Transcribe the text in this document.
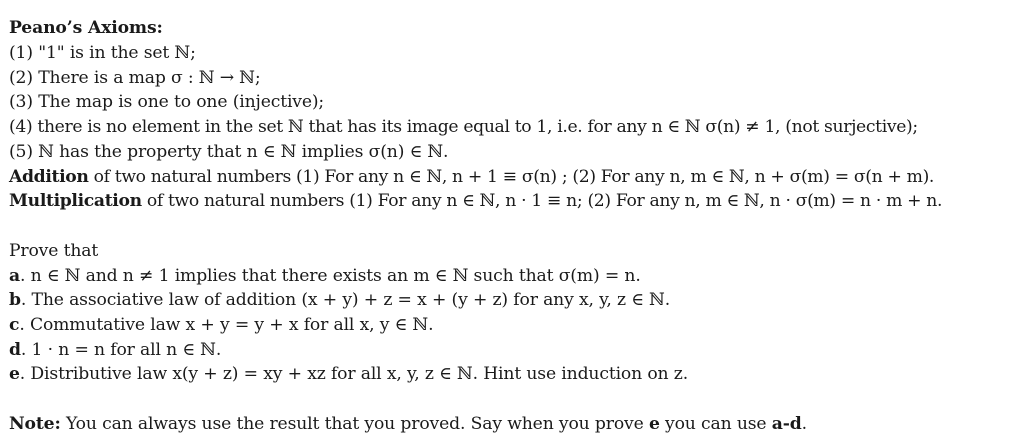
Peano’s Axioms:
(1) "1" is in the set ℕ;
(2) There is a map σ : ℕ → ℕ;
(3) The map is one to one (injective);
(4) there is no element in the set ℕ that has its image equal to 1, i.e. for any n ∈ ℕ σ(n) ≠ 1, (not surjective);
(5) ℕ has the property that n ∈ ℕ implies σ(n) ∈ ℕ.
Addition of two natural numbers (1) For any n ∈ ℕ, n + 1 ≡ σ(n) ; (2) For any n, m ∈ ℕ, n + σ(m) = σ(n + m).
Multiplication of two natural numbers (1) For any n ∈ ℕ, n · 1 ≡ n; (2) For any n, m ∈ ℕ, n · σ(m) = n · m + n.
Prove that
a. n ∈ ℕ and n ≠ 1 implies that there exists an m ∈ ℕ such that σ(m) = n.
b. The associative law of addition (x + y) + z = x + (y + z) for any x, y, z ∈ ℕ.
c. Commutative law x + y = y + x for all x, y ∈ ℕ.
d. 1 · n = n for all n ∈ ℕ.
e. Distributive law x(y + z) = xy + xz for all x, y, z ∈ ℕ. Hint use induction on z.
Note: You can always use the result that you proved. Say when you prove e you can use a-d.
